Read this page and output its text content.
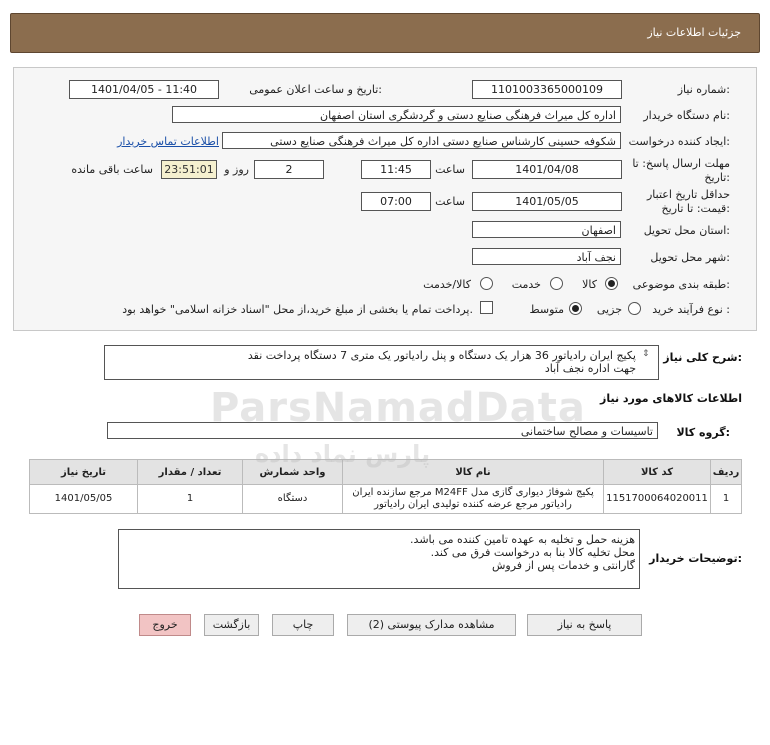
جزئیات اطلاعات نیاز
شماره نیاز:
1101003365000109
تاریخ و ساعت اعلان عمومی:
1401/04/05 - 11:40
نام دستگاه خریدار:
اداره کل میراث فرهنگی صنایع دستی و گردشگری استان اصفهان
ایجاد کننده درخواست:
شکوفه حسینی کارشناس صنایع دستی اداره کل میراث فرهنگی صنایع دستی
اطلاعات تماس خریدار
مهلت ارسال پاسخ: تا
تاریخ:
1401/04/08
ساعت
11:45
2
روز و
23:51:01
ساعت باقی مانده
حداقل تاریخ اعتبار
قیمت: تا تاریخ:
1401/05/05
ساعت
07:00
استان محل تحویل:
اصفهان
شهر محل تحویل:
نجف آباد
طبقه بندی موضوعی:
کالا
خدمت
کالا/خدمت
نوع فرآیند خرید :
جزیی
متوسط
پرداخت تمام یا بخشی از مبلغ خرید،از محل "اسناد خزانه اسلامی" خواهد بود.
شرح کلی نیاز:
پکیج ایران رادیاتور 36 هزار یک دستگاه و پنل رادیاتور یک متری 7 دستگاه پرداخت نقد
جهت اداره نجف آباد
⇕
اطلاعات کالاهای مورد نیاز
گروه کالا:
تاسیسات و مصالح ساختمانی
ردیف	کد کالا	نام کالا	واحد شمارش	تعداد / مقدار	تاریخ نیاز
1	1151700064020011	پکیج شوفاژ دیواری گازی مدل M24FF مرجع سازنده ایران
رادیاتور مرجع عرضه کننده تولیدی ایران رادیاتور	دستگاه	1	1401/05/05
توضیحات خریدار:
هزینه حمل و تخلیه به عهده تامین کننده می باشد.
محل تخلیه کالا بنا به درخواست فرق می کند.
گارانتی و خدمات پس از فروش
پاسخ به نیاز
مشاهده مدارک پیوستی (2)
چاپ
بازگشت
خروج
ParsNamadData
پارس نماد داده
